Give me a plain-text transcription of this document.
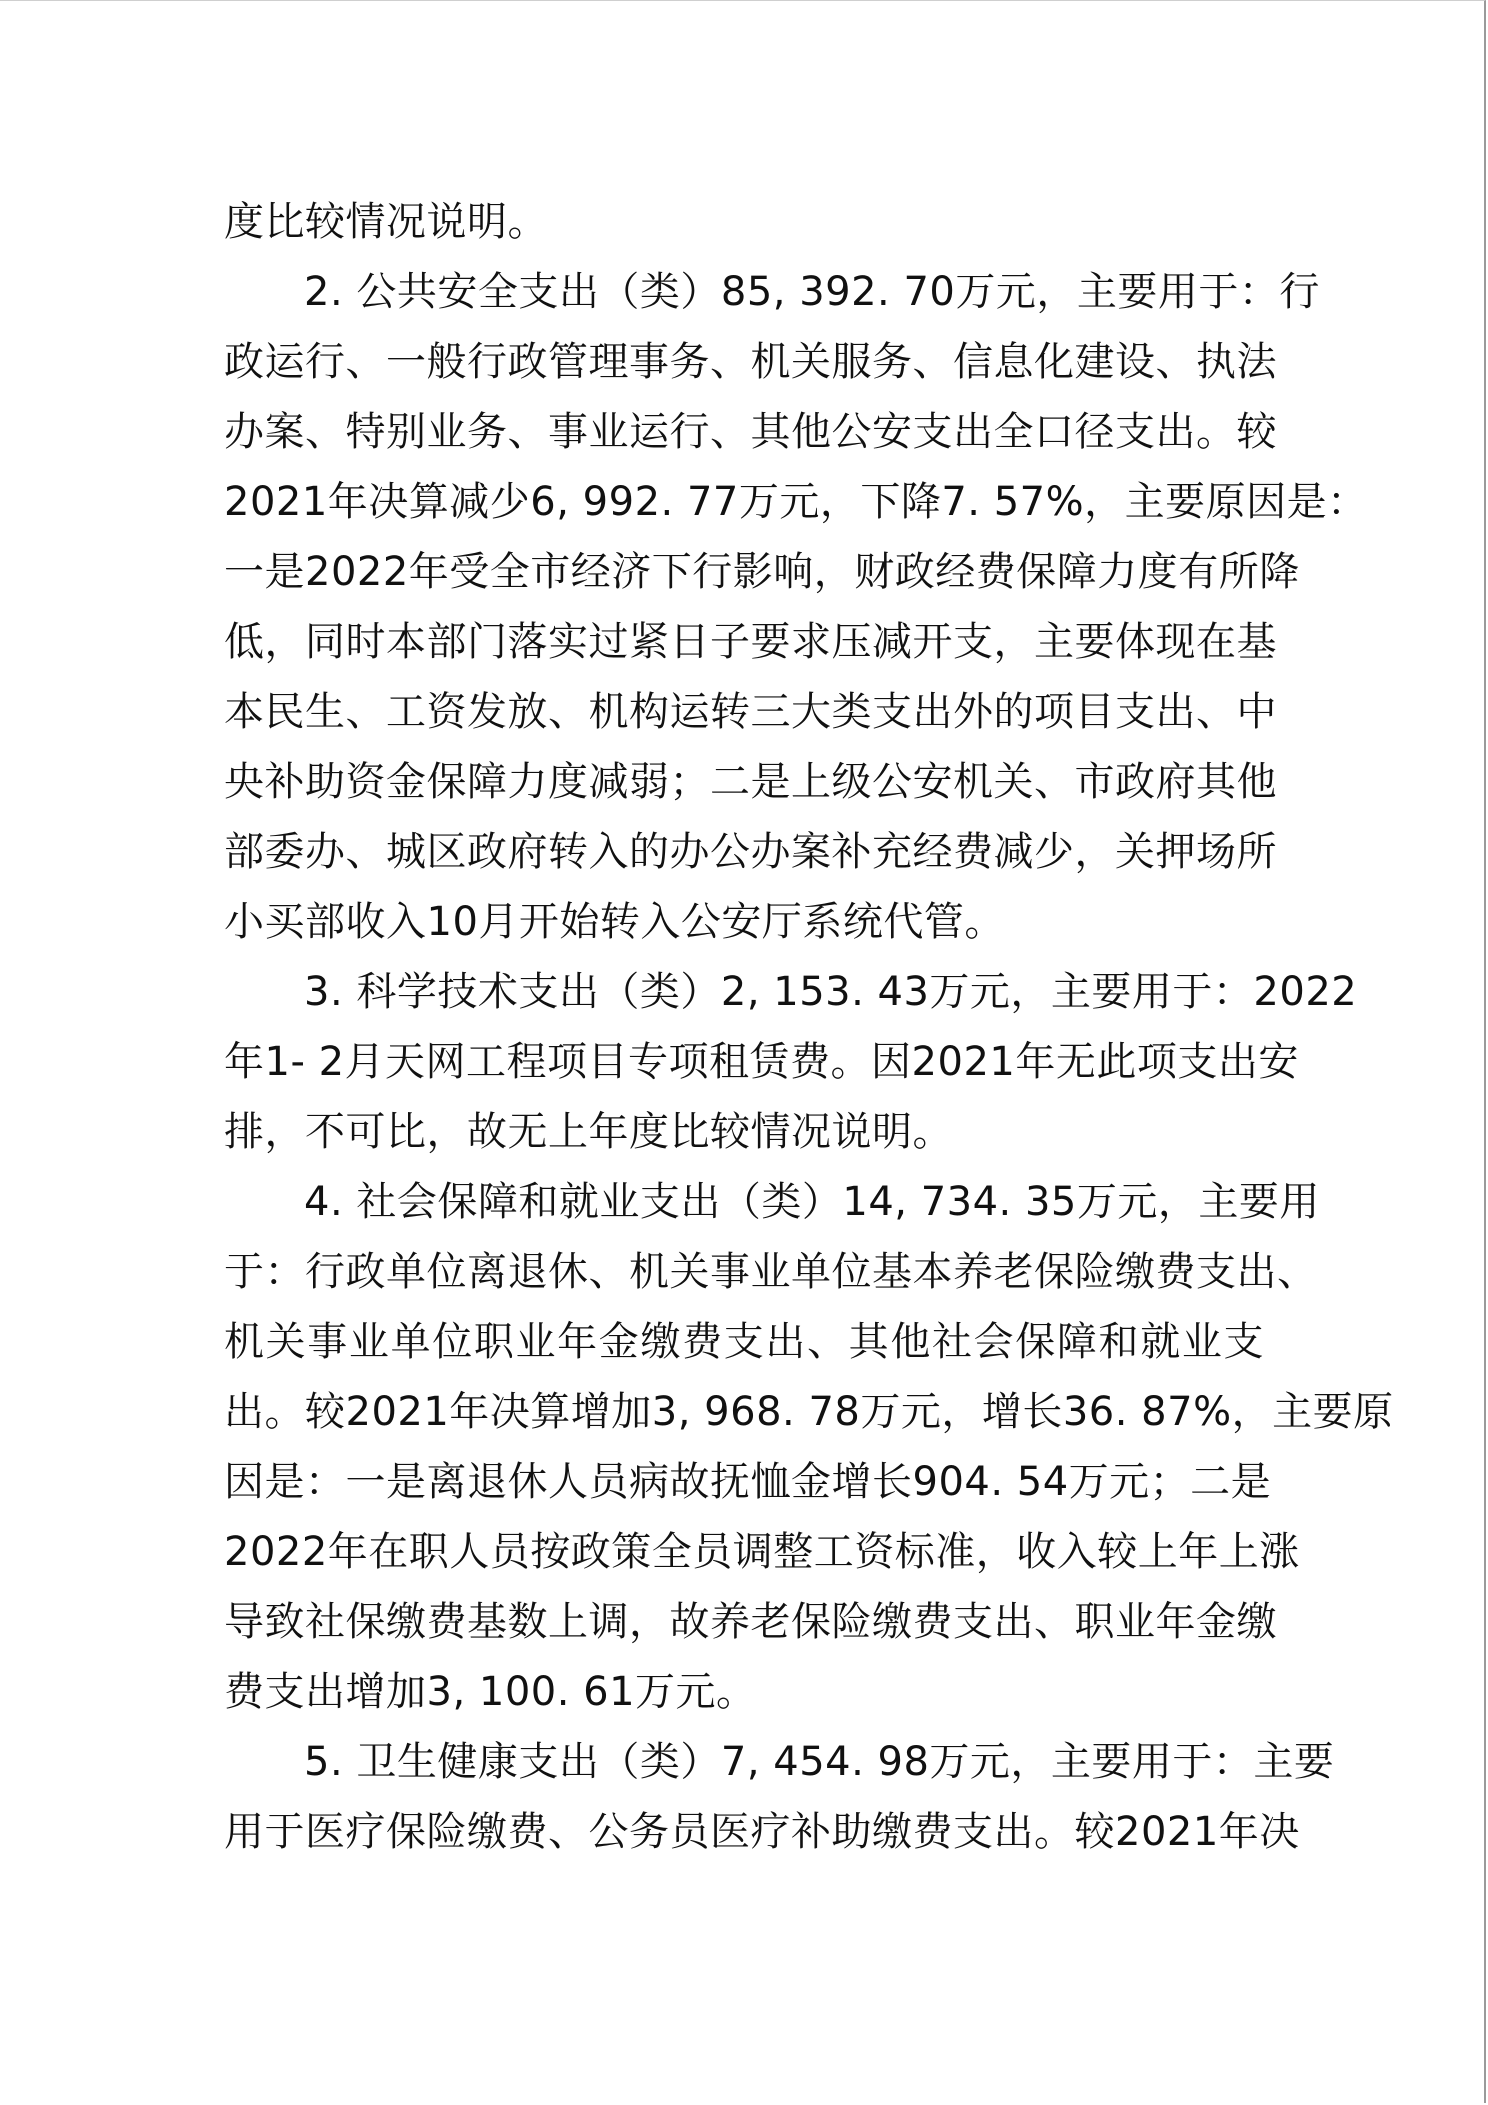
度比较情况说明。
2. 公共安全支出（类）85, 392. 70万元，主要用于：行
政运行、一般行政管理事务、机关服务、信息化建设、执法
办案、特别业务、事业运行、其他公安支出全口径支出。较
2021年决算减少6, 992. 77万元，下降7. 57%，主要原因是：
一是2022年受全市经济下行影响，财政经费保障力度有所降
低，同时本部门落实过紧日子要求压减开支，主要体现在基
本民生、工资发放、机构运转三大类支出外的项目支出、中
央补助资金保障力度减弱；二是上级公安机关、市政府其他
部委办、城区政府转入的办公办案补充经费减少，关押场所
小买部收入10月开始转入公安厅系统代管。
3. 科学技术支出（类）2, 153. 43万元，主要用于：2022
年1- 2月天网工程项目专项租赁费。因2021年无此项支出安
排，不可比，故无上年度比较情况说明。
4. 社会保障和就业支出（类）14, 734. 35万元，主要用
于：行政单位离退休、机关事业单位基本养老保险缴费支出、
机关事业单位职业年金缴费支出、其他社会保障和就业支
出。较2021年决算增加3, 968. 78万元，增长36. 87%，主要原
因是：一是离退休人员病故抚恤金增长904. 54万元；二是
2022年在职人员按政策全员调整工资标准，收入较上年上涨
导致社保缴费基数上调，故养老保险缴费支出、职业年金缴
费支出增加3, 100. 61万元。
5. 卫生健康支出（类）7, 454. 98万元，主要用于：主要
用于医疗保险缴费、公务员医疗补助缴费支出。较2021年决
